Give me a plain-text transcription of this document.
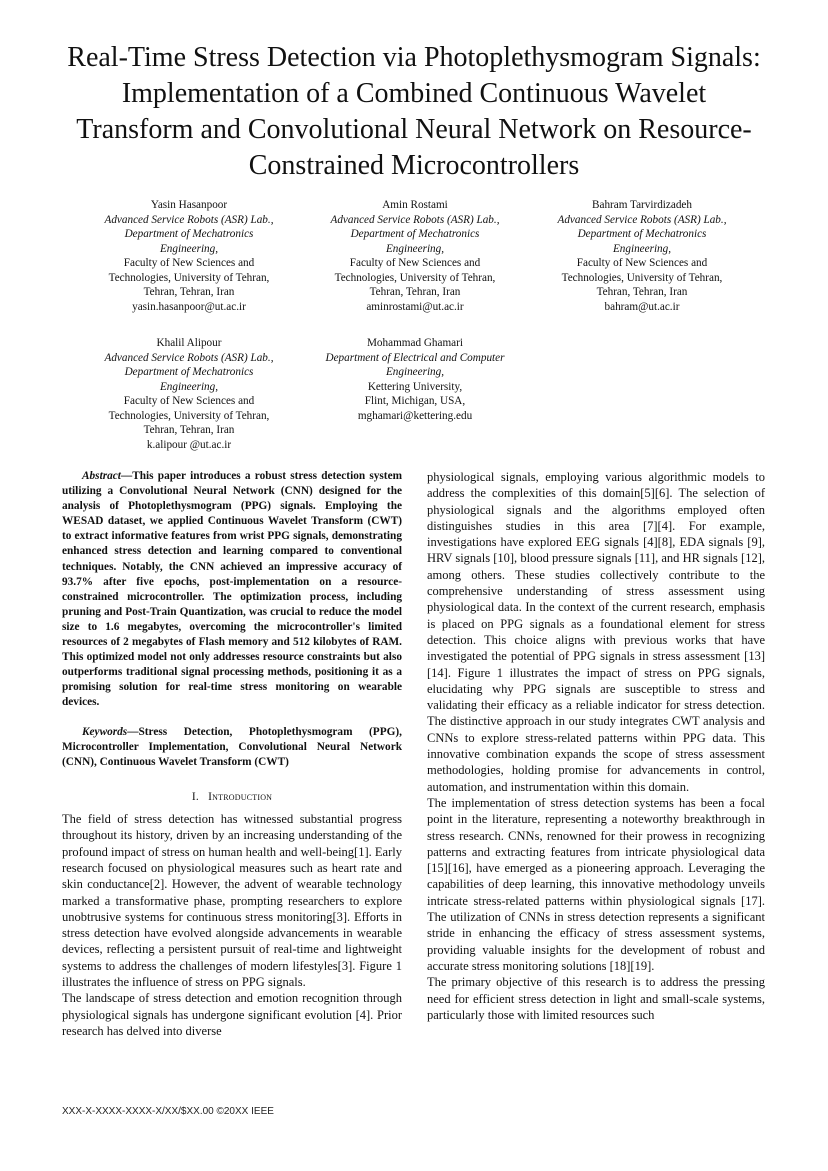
Real-Time Stress Detection via Photoplethysmogram Signals: Implementation of a Combined Continuous Wavelet Transform and Convolutional Neural Network on Resource-Constrained Microcontrollers
Yasin Hasanpoor
Advanced Service Robots (ASR) Lab.,
Department of Mechatronics
Engineering,
Faculty of New Sciences and
Technologies, University of Tehran,
Tehran, Tehran, Iran
yasin.hasanpoor@ut.ac.ir
Amin Rostami
Advanced Service Robots (ASR) Lab.,
Department of Mechatronics
Engineering,
Faculty of New Sciences and
Technologies, University of Tehran,
Tehran, Tehran, Iran
aminrostami@ut.ac.ir
Bahram Tarvirdizadeh
Advanced Service Robots (ASR) Lab.,
Department of Mechatronics
Engineering,
Faculty of New Sciences and
Technologies, University of Tehran,
Tehran, Tehran, Iran
bahram@ut.ac.ir
Khalil Alipour
Advanced Service Robots (ASR) Lab.,
Department of Mechatronics
Engineering,
Faculty of New Sciences and
Technologies, University of Tehran,
Tehran, Tehran, Iran
k.alipour @ut.ac.ir
Mohammad Ghamari
Department of Electrical and Computer
Engineering,
Kettering University,
Flint, Michigan, USA,
mghamari@kettering.edu

Abstract—This paper introduces a robust stress detection system utilizing a Convolutional Neural Network (CNN) designed for the analysis of Photoplethysmogram (PPG) signals. Employing the WESAD dataset, we applied Continuous Wavelet Transform (CWT) to extract informative features from wrist PPG signals, demonstrating enhanced stress detection and learning compared to conventional techniques. Notably, the CNN achieved an impressive accuracy of 93.7% after five epochs, post-implementation on a resource-constrained microcontroller. The optimization process, including pruning and Post-Train Quantization, was crucial to reduce the model size to 1.6 megabytes, overcoming the microcontroller's limited resources of 2 megabytes of Flash memory and 512 kilobytes of RAM. This optimized model not only addresses resource constraints but also outperforms traditional signal processing methods, positioning it as a promising solution for real-time stress monitoring on wearable devices.

Keywords—Stress Detection, Photoplethysmogram (PPG), Microcontroller Implementation, Convolutional Neural Network (CNN), Continuous Wavelet Transform (CWT)

I. Introduction

The field of stress detection has witnessed substantial progress throughout its history, driven by an increasing understanding of the profound impact of stress on human health and well-being[1]. Early research focused on physiological measures such as heart rate and skin conductance[2]. However, the advent of wearable technology marked a transformative phase, prompting researchers to explore unobtrusive systems for continuous stress monitoring[3]. Efforts in stress detection have evolved alongside advancements in wearable devices, reflecting a persistent pursuit of real-time and lightweight systems to address the challenges of modern lifestyles[3]. Figure 1 illustrates the influence of stress on PPG signals.

The landscape of stress detection and emotion recognition through physiological signals has undergone significant evolution [4]. Prior research has delved into diverse

physiological signals, employing various algorithmic models to address the complexities of this domain[5][6]. The selection of physiological signals and the algorithms employed often distinguishes studies in this area [7][4]. For example, investigations have explored EEG signals [4][8], EDA signals [9], HRV signals [10], blood pressure signals [11], and HR signals [12], among others. These studies collectively contribute to the comprehensive understanding of stress assessment using physiological data. In the context of the current research, emphasis is placed on PPG signals as a foundational element for stress detection. This choice aligns with previous works that have investigated the potential of PPG signals in stress assessment [13][14]. Figure 1 illustrates the impact of stress on PPG signals, elucidating why PPG signals are susceptible to stress and validating their efficacy as a reliable indicator for stress detection. The distinctive approach in our study integrates CWT analysis and CNNs to explore stress-related patterns within PPG data. This innovative combination expands the scope of stress assessment methodologies, holding promise for advancements in control, automation, and instrumentation within this domain.

The implementation of stress detection systems has been a focal point in the literature, representing a noteworthy breakthrough in stress research. CNNs, renowned for their prowess in recognizing patterns and extracting features from intricate physiological data [15][16], have emerged as a pioneering approach. Leveraging the capabilities of deep learning, this innovative methodology unveils intricate stress-related patterns within physiological signals [17]. The utilization of CNNs in stress detection represents a significant stride in enhancing the efficacy of stress assessment systems, providing valuable insights for the development of robust and accurate stress monitoring solutions [18][19].

The primary objective of this research is to address the pressing need for efficient stress detection in light and small-scale systems, particularly those with limited resources such

XXX-X-XXXX-XXXX-X/XX/$XX.00 ©20XX IEEE
